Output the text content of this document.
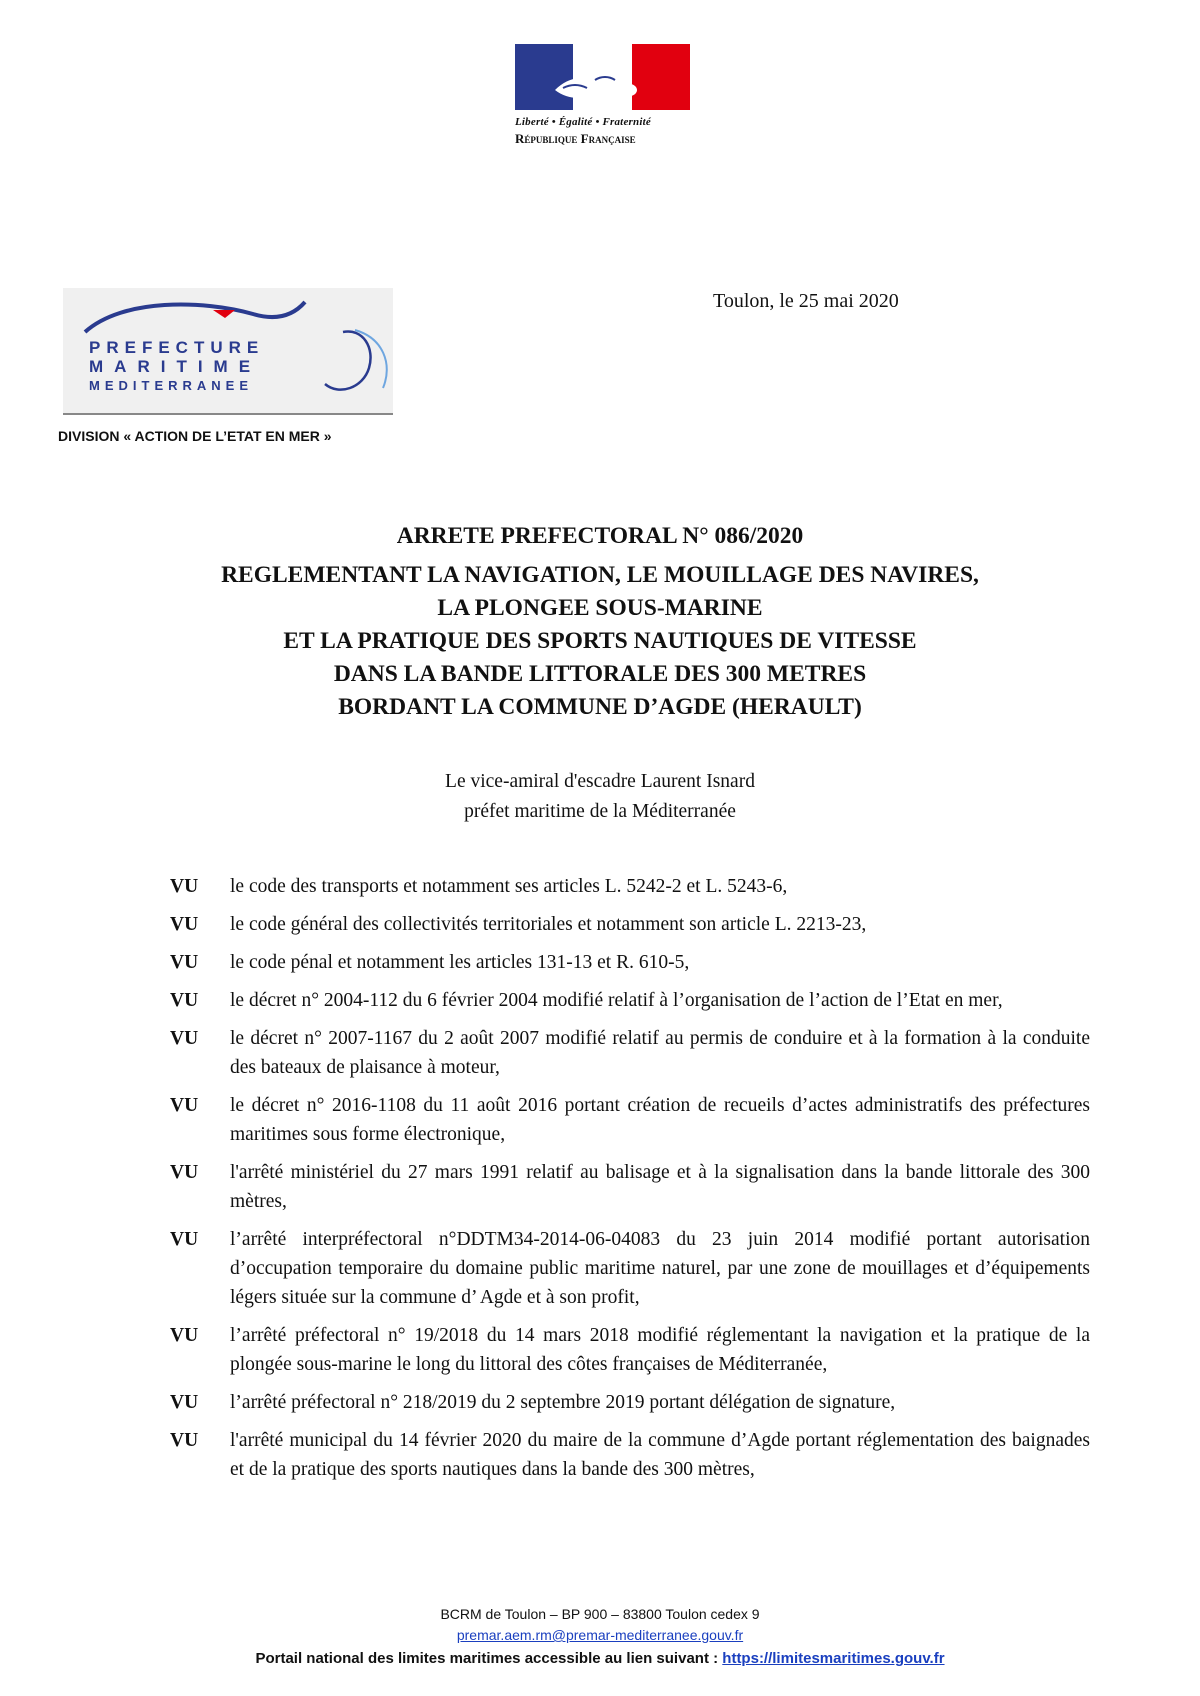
Liberté • Égalité • Fraternité
République Française
PREFECTURE
MARITIME
MEDITERRANEE
DIVISION « ACTION DE L’ETAT EN MER »
Toulon, le 25 mai 2020
ARRETE PREFECTORAL N° 086/2020
REGLEMENTANT LA NAVIGATION, LE MOUILLAGE DES NAVIRES,
LA PLONGEE SOUS-MARINE
ET LA PRATIQUE DES SPORTS NAUTIQUES DE VITESSE
DANS LA BANDE LITTORALE DES 300 METRES
BORDANT LA COMMUNE D’AGDE (HERAULT)
Le vice-amiral d'escadre Laurent Isnard
préfet maritime de la Méditerranée
VU	le code des transports et notamment ses articles L. 5242-2 et L. 5243-6,
VU	le code général des collectivités territoriales et notamment son article L. 2213-23,
VU	le code pénal et notamment les articles 131-13 et R. 610-5,
VU	le décret n° 2004-112 du 6 février 2004 modifié relatif à l’organisation de l’action de l’Etat en mer,
VU	le décret n° 2007-1167 du 2 août 2007 modifié relatif au permis de conduire et à la formation à la conduite des bateaux de plaisance à moteur,
VU	le décret n° 2016-1108 du 11 août 2016 portant création de recueils d’actes administratifs des préfectures maritimes sous forme électronique,
VU	l'arrêté ministériel du 27 mars 1991 relatif au balisage et à la signalisation dans la bande littorale des 300 mètres,
VU	l’arrêté interpréfectoral n°DDTM34-2014-06-04083 du 23 juin 2014 modifié portant autorisation d’occupation temporaire du domaine public maritime naturel, par une zone de mouillages et d’équipements légers située sur la commune d’ Agde et à son profit,
VU	l’arrêté préfectoral n° 19/2018 du 14 mars 2018 modifié réglementant la navigation et la pratique de la plongée sous-marine le long du littoral des côtes françaises de Méditerranée,
VU	l’arrêté préfectoral n° 218/2019 du 2 septembre 2019 portant délégation de signature,
VU	l'arrêté municipal du 14 février 2020 du maire de la commune d’Agde portant réglementation des baignades et de la pratique des sports nautiques dans la bande des 300 mètres,
BCRM de Toulon – BP 900 – 83800 Toulon cedex 9
premar.aem.rm@premar-mediterranee.gouv.fr
Portail national des limites maritimes accessible au lien suivant : https://limitesmaritimes.gouv.fr
